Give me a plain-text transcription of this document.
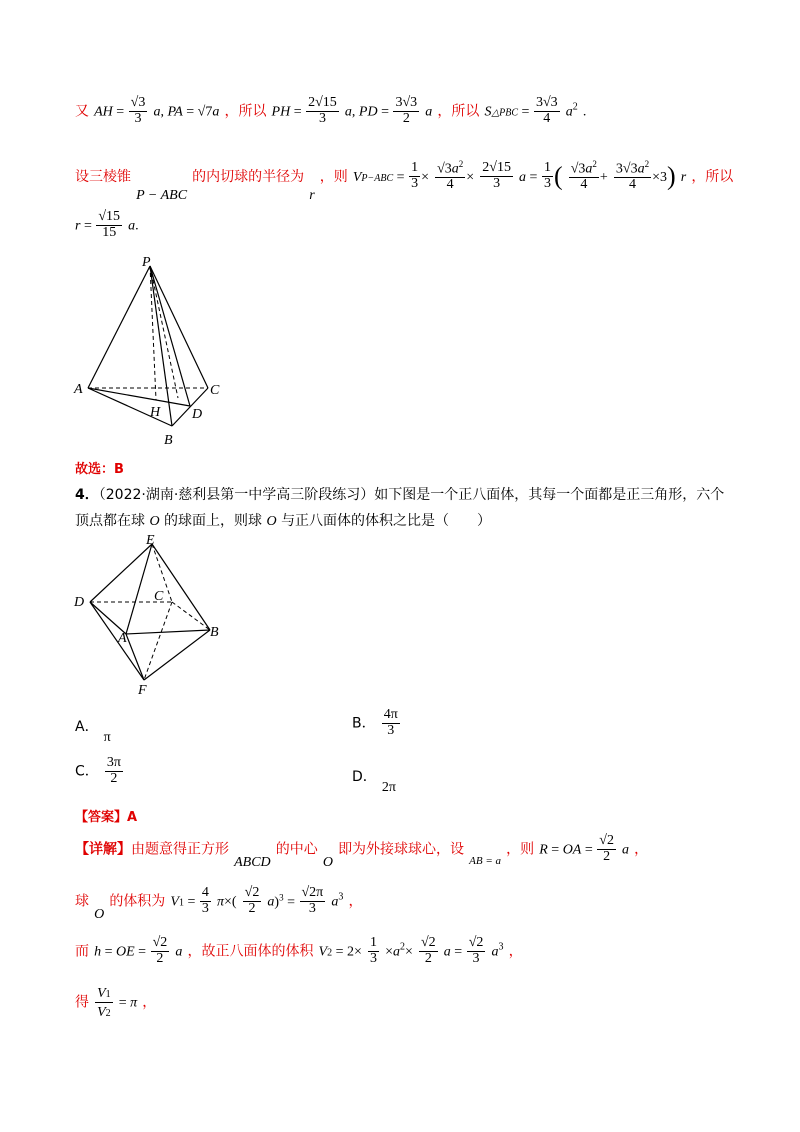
又 AH = $\frac{√3}{3} a$, PA = √7a ，所以 PH = $\frac{2√15}{3} a$, PD = $\frac{3√3}{2}$ a ，所以 S△PBC = $\frac{3√3}{4} a^2$ .
设三棱锥 P − ABC 的内切球的半径为 r ，则 $VP-ABC = \frac{1}{3} \times \frac{√3a^2}{4} \times \frac{2√15}{3}$ $a = \frac{1}{3}$ ( $\frac{√3a^2}{4} + \frac{3√3a^2}{4} \times 3$) r ，所以
$r = \frac{√15}{15} a$.
P
A	C
H D
B
故选：B
4．（2022·湖南·慈利县第一中学高三阶段练习）如下图是一个正八面体，其每一个面都是正三角形，六个
顶点都在球 O 的球面上，则球 O 与正八面体的体积之比是（　　）
E
D	C
A	B
F
A． π
B． $\frac{4\pi}{3}$
C． $\frac{3\pi}{2}$	D． 2π
【答案】A
【详解】由题意得正方形 ABCD 的中心 O 即为外接球球心，设 $_{AB = a}$ ，则 R = OA = $\frac{√2}{2}$ a ，
球 O 的体积为 $V1 = \frac{4}{3} \pi\times( \frac{√2}{2} a)^3 = \frac{√2\pi}{3} a^3$ ，
而 h = OE = $\frac{√2}{2}$ a ，故正八面体的体积 $V2 = 2\times \frac{1}{3} \times a^2\times \frac{√2}{2}$ $a = \frac{√2}{3} a^3$ ，
得 $\frac{V1}{V2} = \pi$ ，
